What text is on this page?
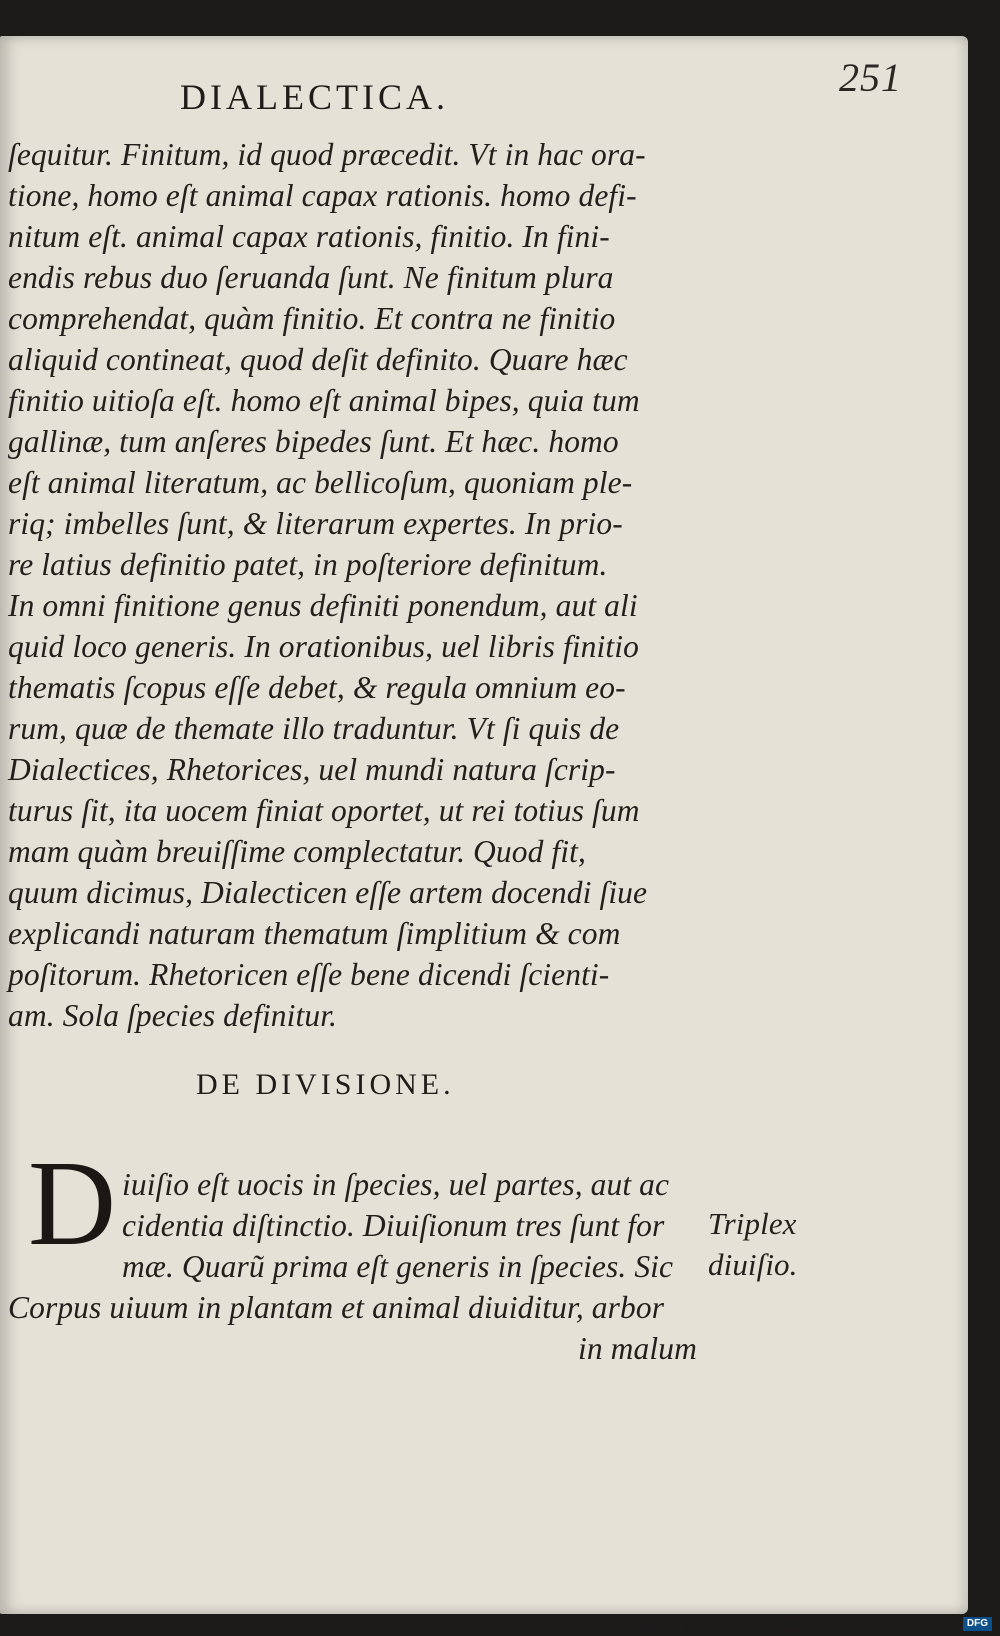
251
DIALECTICA.
ſequitur. Finitum, id quod præcedit. Vt in hac ora-
tione, homo eſt animal capax rationis. homo defi-
nitum eſt. animal capax rationis, finitio. In fini-
endis rebus duo ſeruanda ſunt. Ne finitum plura
comprehendat, quàm finitio. Et contra ne finitio
aliquid contineat, quod deſit definito. Quare hæc
finitio uitioſa eſt. homo eſt animal bipes, quia tum
gallinæ, tum anſeres bipedes ſunt. Et hæc. homo
eſt animal literatum, ac bellicoſum, quoniam ple-
riq; imbelles ſunt, & literarum expertes. In prio-
re latius definitio patet, in poſteriore definitum.
In omni finitione genus definiti ponendum, aut ali
quid loco generis. In orationibus, uel libris finitio
thematis ſcopus eſſe debet, & regula omnium eo-
rum, quæ de themate illo traduntur. Vt ſi quis de
Dialectices, Rhetorices, uel mundi natura ſcrip-
turus ſit, ita uocem finiat oportet, ut rei totius ſum
mam quàm breuiſſime complectatur. Quod fit,
quum dicimus, Dialecticen eſſe artem docendi ſiue
explicandi naturam thematum ſimplitium & com
poſitorum. Rhetoricen eſſe bene dicendi ſcienti-
am. Sola ſpecies definitur.
DE DIVISIONE.
D iuiſio eſt uocis in ſpecies, uel partes, aut ac
cidentia diſtinctio. Diuiſionum tres ſunt for
mæ. Quarũ prima eſt generis in ſpecies. Sic
Corpus uiuum in plantam et animal diuiditur, arbor
in malum
Triplex
diuiſio.
Digitalisierung gefördert durch die Deutsche Forschungsgemeinschaft -	DFG
